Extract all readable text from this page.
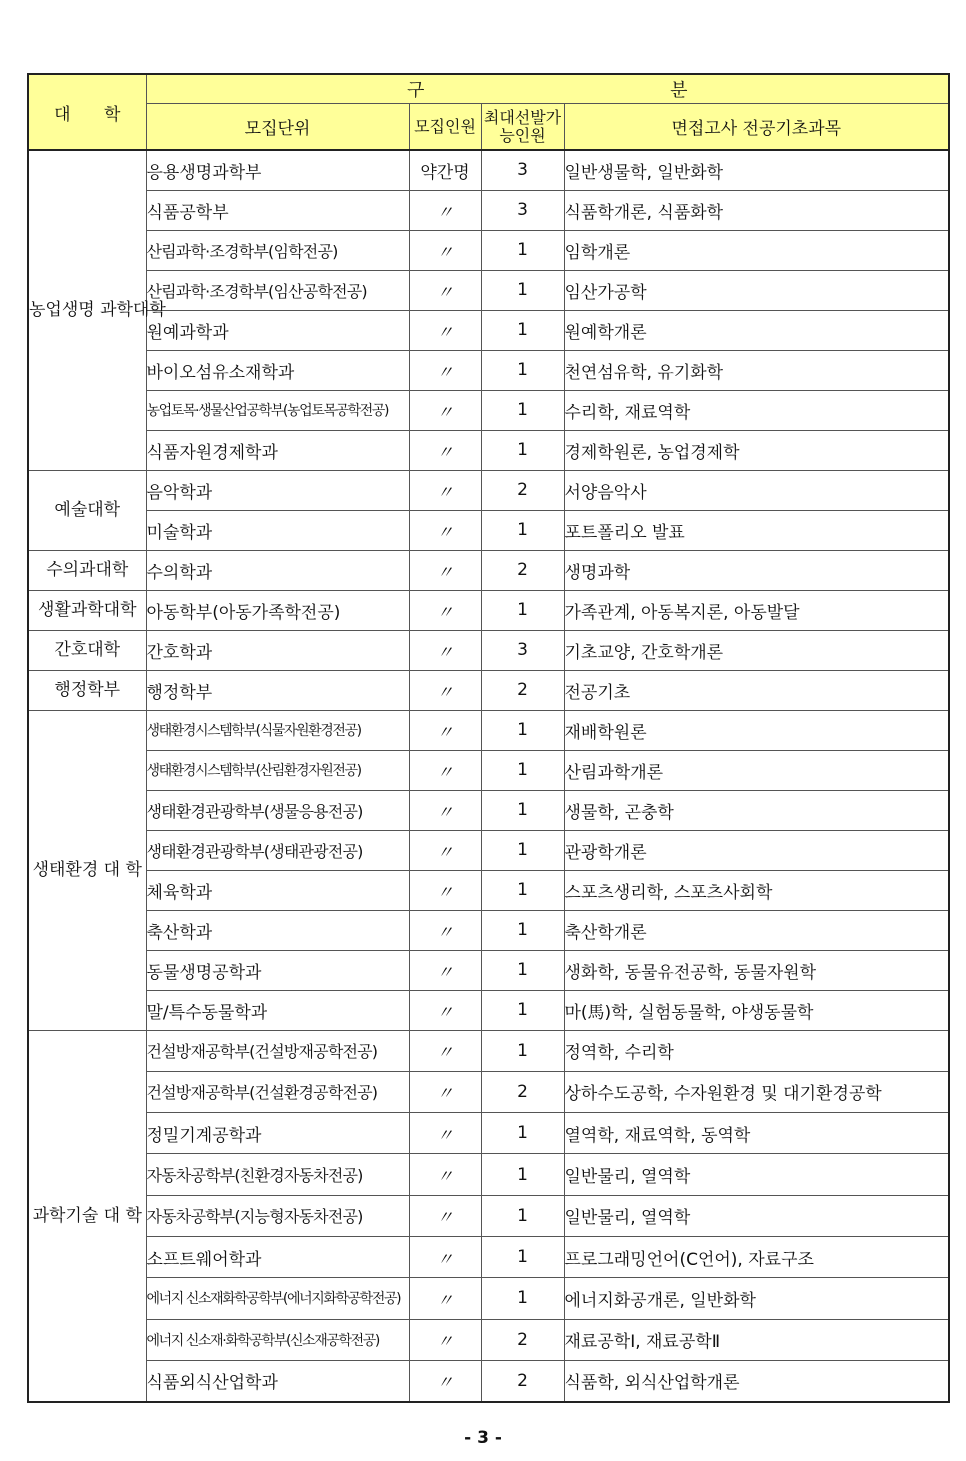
대 학	구 분			
	모집단위	모집인원	최대선발가능인원	면접고사 전공기초과목
농업생명 과학대학	응용생명과학부	약간명	3	일반생물학, 일반화학
	식품공학부	〃	3	식품학개론, 식품화학
	산림과학·조경학부(임학전공)	〃	1	임학개론
	산림과학·조경학부(임산공학전공)	〃	1	임산가공학
	원예과학과	〃	1	원예학개론
	바이오섬유소재학과	〃	1	천연섬유학, 유기화학
	농업토목·생물산업공학부(농업토목공학전공)	〃	1	수리학, 재료역학
	식품자원경제학과	〃	1	경제학원론, 농업경제학
예술대학	음악학과	〃	2	서양음악사
	미술학과	〃	1	포트폴리오 발표
수의과대학	수의학과	〃	2	생명과학
생활과학대학	아동학부(아동가족학전공)	〃	1	가족관계, 아동복지론, 아동발달
간호대학	간호학과	〃	3	기초교양, 간호학개론
행정학부	행정학부	〃	2	전공기초
생태환경 대 학	생태환경시스템학부(식물자원환경전공)	〃	1	재배학원론
	생태환경시스템학부(산림환경자원전공)	〃	1	산림과학개론
	생태환경관광학부(생물응용전공)	〃	1	생물학, 곤충학
	생태환경관광학부(생태관광전공)	〃	1	관광학개론
	체육학과	〃	1	스포츠생리학, 스포츠사회학
	축산학과	〃	1	축산학개론
	동물생명공학과	〃	1	생화학, 동물유전공학, 동물자원학
	말/특수동물학과	〃	1	마(馬)학, 실험동물학, 야생동물학
과학기술 대 학	건설방재공학부(건설방재공학전공)	〃	1	정역학, 수리학
	건설방재공학부(건설환경공학전공)	〃	2	상하수도공학, 수자원환경 및 대기환경공학
	정밀기계공학과	〃	1	열역학, 재료역학, 동역학
	자동차공학부(친환경자동차전공)	〃	1	일반물리, 열역학
	자동차공학부(지능형자동차전공)	〃	1	일반물리, 열역학
	소프트웨어학과	〃	1	프로그래밍언어(C언어), 자료구조
	에너지 신소재화학공학부(에너지화학공학전공)	〃	1	에너지화공개론, 일반화학
	에너지 신소재·화학공학부(신소재공학전공)	〃	2	재료공학Ⅰ, 재료공학Ⅱ
	식품외식산업학과	〃	2	식품학, 외식산업학개론
- 3 -
